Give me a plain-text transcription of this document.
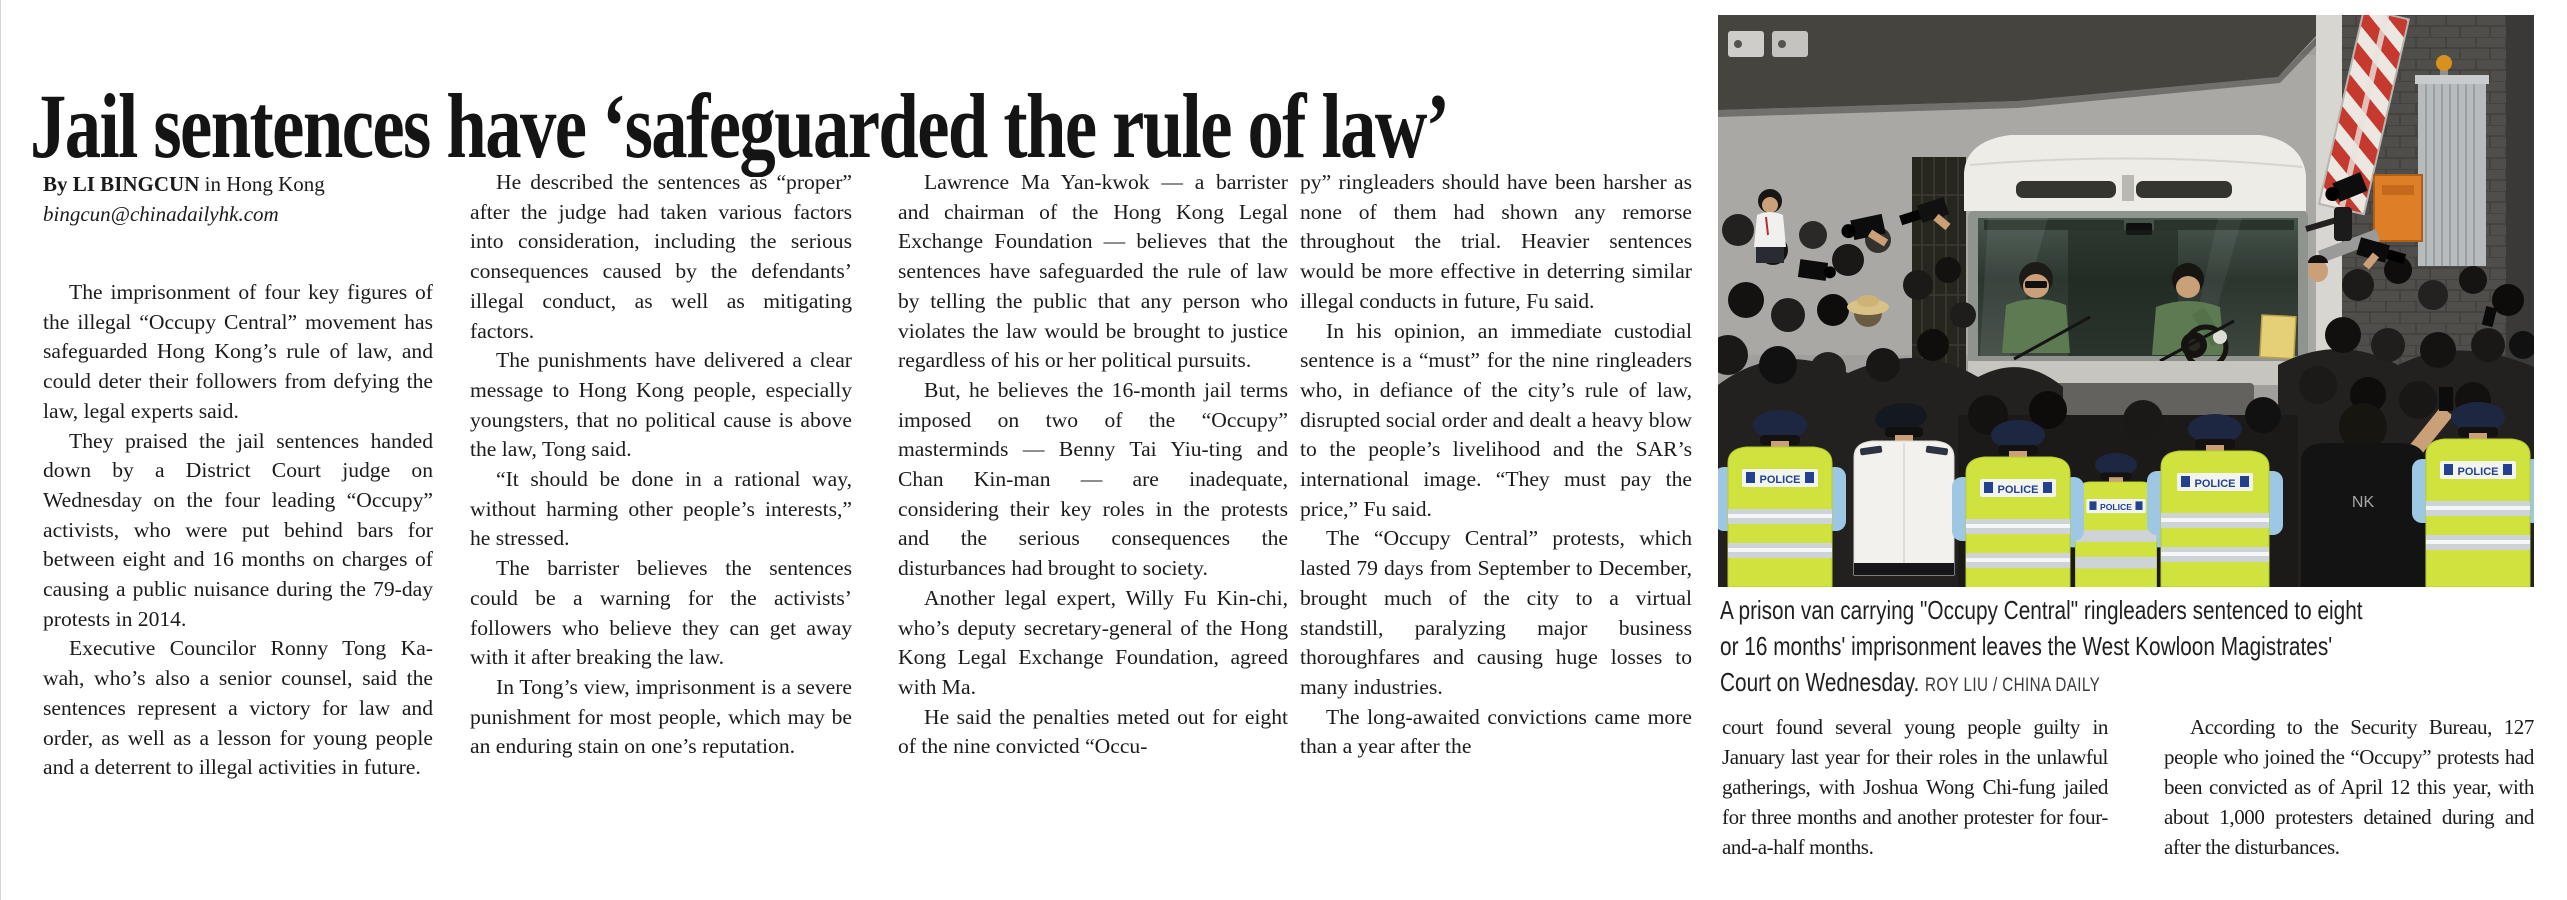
Jail sentences have ‘safeguarded the rule of law’
By LI BINGCUN in Hong Kong
bingcun@chinadailyhk.com

The imprisonment of four key figures of the illegal “Occupy Central” movement has safeguarded Hong Kong’s rule of law, and could deter their followers from defying the law, legal experts said.

They praised the jail sentences handed down by a District Court judge on Wednesday on the four leading “Occupy” activists, who were put behind bars for between eight and 16 months on charges of causing a public nuisance during the 79-day protests in 2014.

Executive Councilor Ronny Tong Ka-wah, who’s also a senior counsel, said the sentences represent a victory for law and order, as well as a lesson for young people and a deterrent to illegal activities in future.

He described the sentences as “proper” after the judge had taken various factors into consideration, including the serious consequences caused by the defendants’ illegal conduct, as well as mitigating factors.

The punishments have delivered a clear message to Hong Kong people, especially youngsters, that no political cause is above the law, Tong said.

“It should be done in a rational way, without harming other people’s interests,” he stressed.

The barrister believes the sentences could be a warning for the activists’ followers who believe they can get away with it after breaking the law.

In Tong’s view, imprisonment is a severe punishment for most people, which may be an enduring stain on one’s reputation.

Lawrence Ma Yan-kwok — a barrister and chairman of the Hong Kong Legal Exchange Foundation — believes that the sentences have safeguarded the rule of law by telling the public that any person who violates the law would be brought to justice regardless of his or her political pursuits.

But, he believes the 16-month jail terms imposed on two of the “Occupy” masterminds — Benny Tai Yiu-ting and Chan Kin-man — are inadequate, considering their key roles in the protests and the serious consequences the disturbances had brought to society.

Another legal expert, Willy Fu Kin-chi, who’s deputy secretary-general of the Hong Kong Legal Exchange Foundation, agreed with Ma.

He said the penalties meted out for eight of the nine convicted “Occu-

py” ringleaders should have been harsher as none of them had shown any remorse throughout the trial. Heavier sentences would be more effective in deterring similar illegal conducts in future, Fu said.

In his opinion, an immediate custodial sentence is a “must” for the nine ringleaders who, in defiance of the city’s rule of law, disrupted social order and dealt a heavy blow to the people’s livelihood and the SAR’s international image. “They must pay the price,” Fu said.

The “Occupy Central” protests, which lasted 79 days from September to December, brought much of the city to a virtual standstill, paralyzing major business thoroughfares and causing huge losses to many industries.

The long-awaited convictions came more than a year after the

POLICE	NK
POLICE
POLICE	POLICE
POLICE
A prison van carrying "Occupy Central" ringleaders sentenced to eight or 16 months' imprisonment leaves the West Kowloon Magistrates' Court on Wednesday. ROY LIU / CHINA DAILY

court found several young people guilty in January last year for their roles in the unlawful gatherings, with Joshua Wong Chi-fung jailed for three months and another protester for four-and-a-half months.

According to the Security Bureau, 127 people who joined the “Occupy” protests had been convicted as of April 12 this year, with about 1,000 protesters detained during and after the disturbances.
